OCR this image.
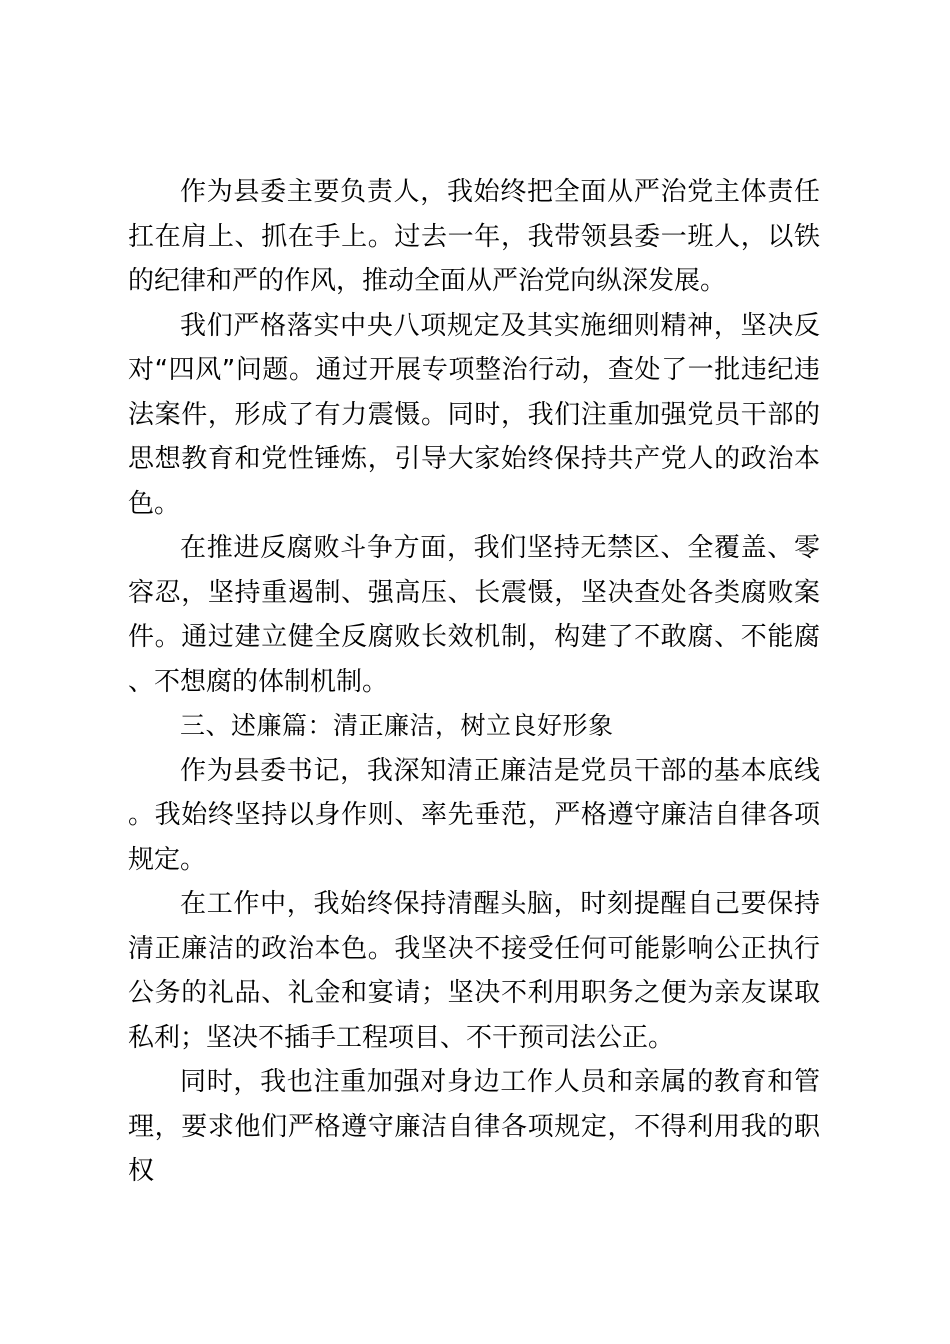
作为县委主要负责人，我始终把全面从严治党主体责任扛在肩上、抓在手上。过去一年，我带领县委一班人，以铁的纪律和严的作风，推动全面从严治党向纵深发展。

我们严格落实中央八项规定及其实施细则精神，坚决反对“四风”问题。通过开展专项整治行动，查处了一批违纪违法案件，形成了有力震慑。同时，我们注重加强党员干部的思想教育和党性锤炼，引导大家始终保持共产党人的政治本色。

在推进反腐败斗争方面，我们坚持无禁区、全覆盖、零容忍，坚持重遏制、强高压、长震慑，坚决查处各类腐败案件。通过建立健全反腐败长效机制，构建了不敢腐、不能腐、不想腐的体制机制。

三、述廉篇：清正廉洁，树立良好形象

作为县委书记，我深知清正廉洁是党员干部的基本底线。我始终坚持以身作则、率先垂范，严格遵守廉洁自律各项规定。

在工作中，我始终保持清醒头脑，时刻提醒自己要保持清正廉洁的政治本色。我坚决不接受任何可能影响公正执行公务的礼品、礼金和宴请；坚决不利用职务之便为亲友谋取私利；坚决不插手工程项目、不干预司法公正。

同时，我也注重加强对身边工作人员和亲属的教育和管理，要求他们严格遵守廉洁自律各项规定，不得利用我的职权
